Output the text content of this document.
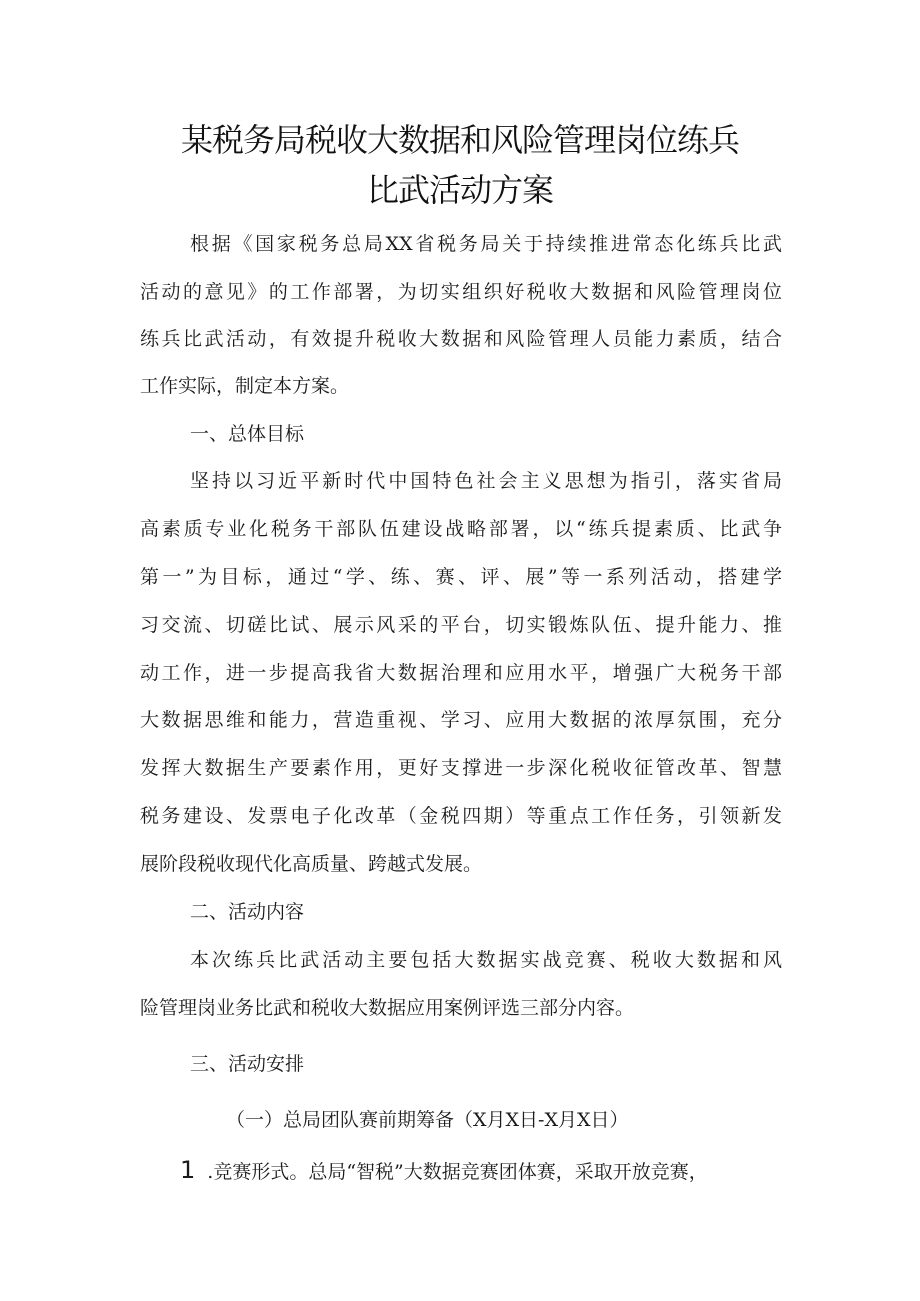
某税务局税收大数据和风险管理岗位练兵
比武活动方案
根据《国家税务总局XX省税务局关于持续推进常态化练兵比武
活动的意见》的工作部署，为切实组织好税收大数据和风险管理岗位
练兵比武活动，有效提升税收大数据和风险管理人员能力素质，结合
工作实际，制定本方案。
一、总体目标
坚持以习近平新时代中国特色社会主义思想为指引，落实省局
高素质专业化税务干部队伍建设战略部署，以“练兵提素质、比武争
第一”为目标，通过“学、练、赛、评、展”等一系列活动，搭建学
习交流、切磋比试、展示风采的平台，切实锻炼队伍、提升能力、推
动工作，进一步提高我省大数据治理和应用水平，增强广大税务干部
大数据思维和能力，营造重视、学习、应用大数据的浓厚氛围，充分
发挥大数据生产要素作用，更好支撑进一步深化税收征管改革、智慧
税务建设、发票电子化改革（金税四期）等重点工作任务，引领新发
展阶段税收现代化高质量、跨越式发展。
二、活动内容
本次练兵比武活动主要包括大数据实战竞赛、税收大数据和风
险管理岗业务比武和税收大数据应用案例评选三部分内容。
三、活动安排
（一）总局团队赛前期筹备（X月X日-X月X日）
1 .竞赛形式。总局“智税”大数据竞赛团体赛，采取开放竞赛，
